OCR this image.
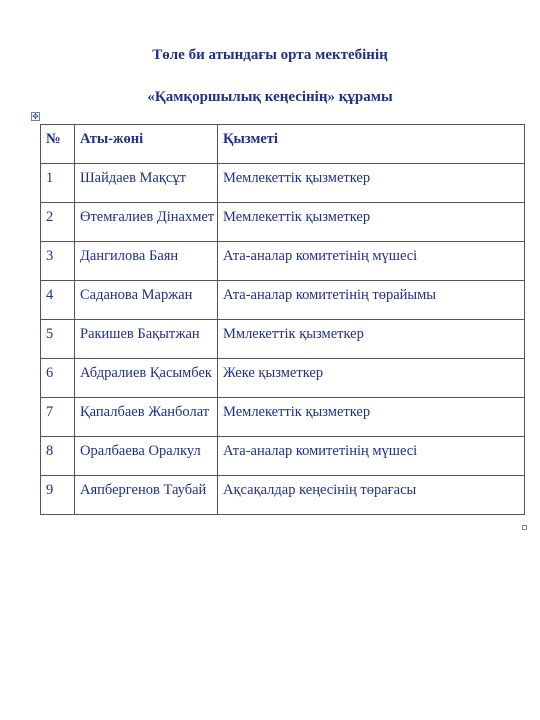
Төле би атындағы орта мектебінің
«Қамқоршылық кеңесінің» құрамы
✥
№	Аты-жөні	Қызметі
1	Шайдаев Мақсұт	Мемлекеттік қызметкер
2	Өтемғалиев Дінахмет	Мемлекеттік қызметкер
3	Дангилова Баян	Ата-аналар комитетінің мүшесі
4	Саданова Маржан	Ата-аналар комитетінің төрайымы
5	Ракишев Бақытжан	Ммлекеттік қызметкер
6	Абдралиев Қасымбек	Жеке қызметкер
7	Қапалбаев Жанболат	Мемлекеттік қызметкер
8	Оралбаева Оралкул	Ата-аналар комитетінің мүшесі
9	Аяпбергенов Таубай	Ақсақалдар кеңесінің төрағасы
